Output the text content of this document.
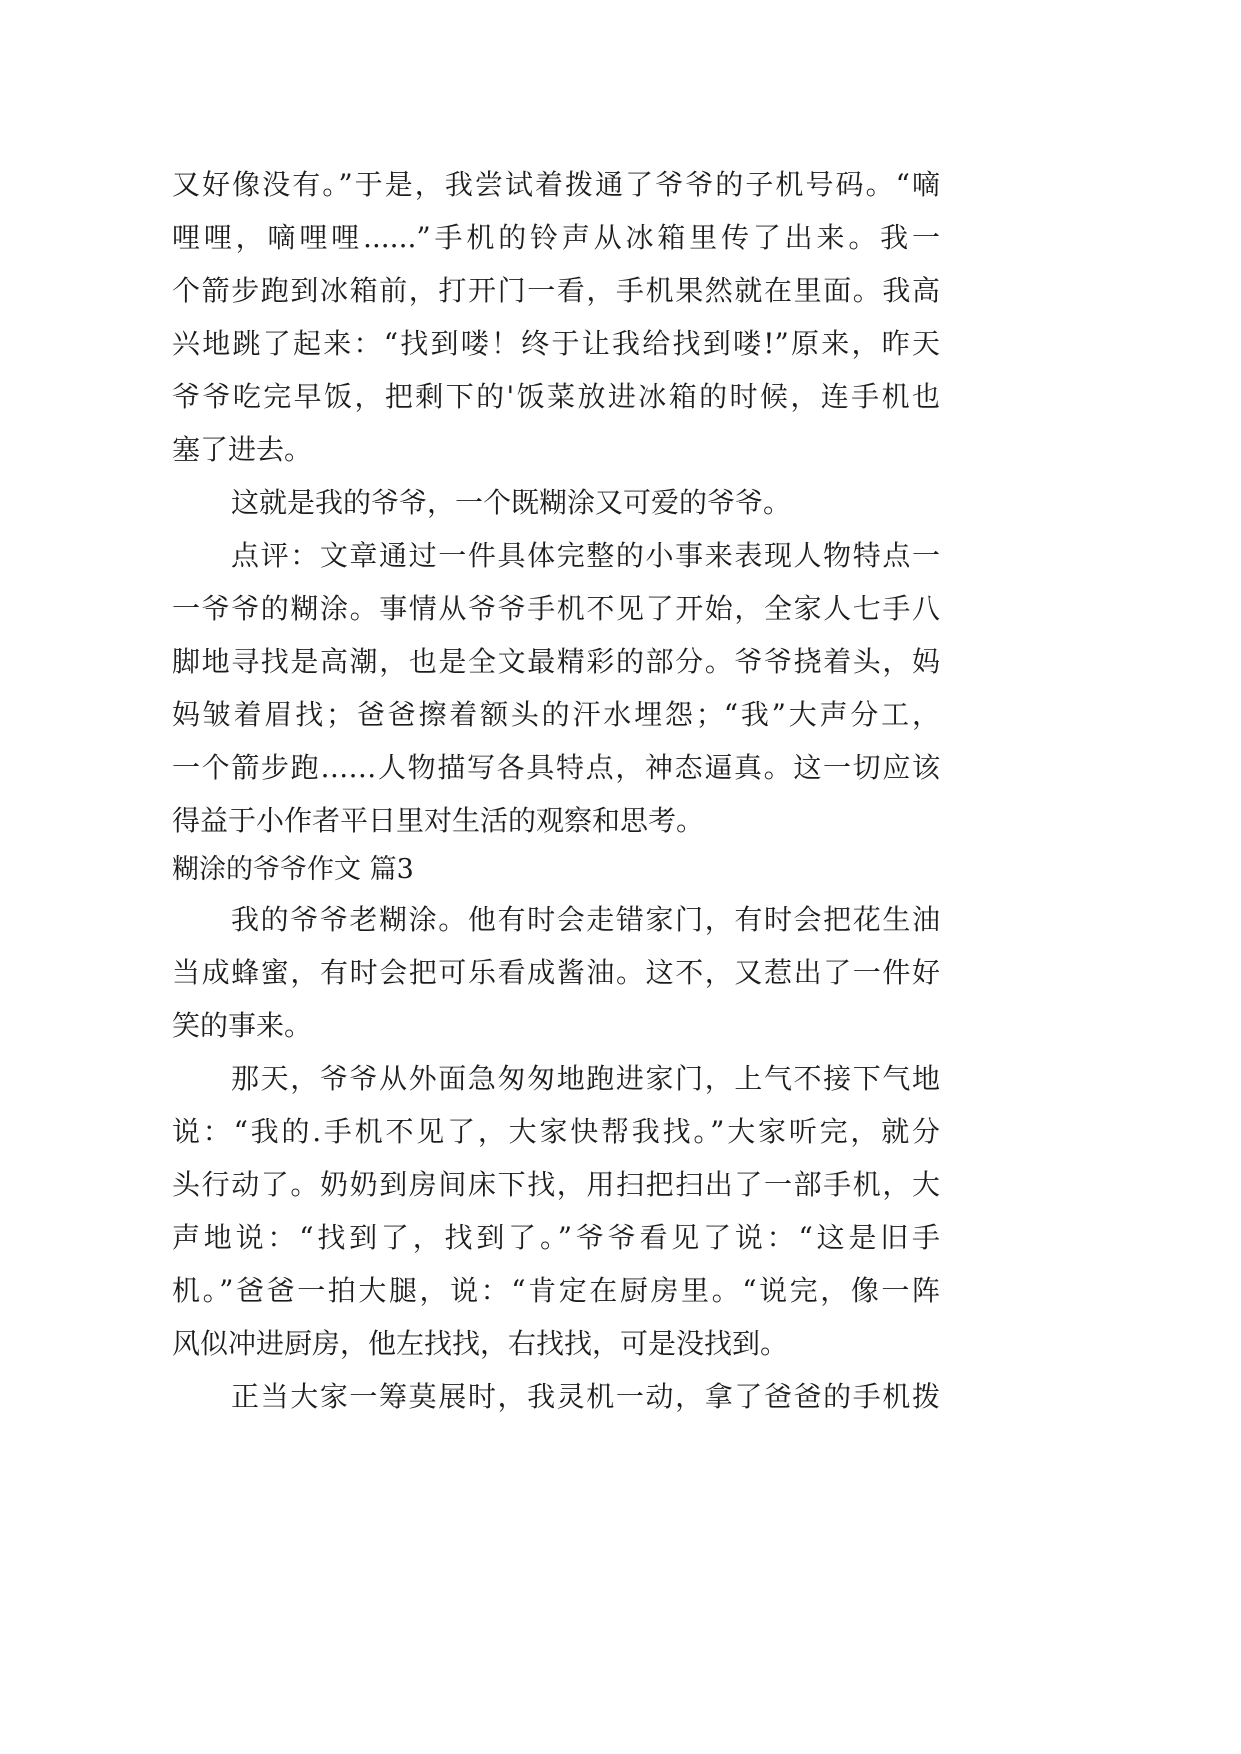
又好像没有。”于是，我尝试着拨通了爷爷的子机号码。“嘀
哩哩，嘀哩哩......”手机的铃声从冰箱里传了出来。我一
个箭步跑到冰箱前，打开门一看，手机果然就在里面。我高
兴地跳了起来：“找到喽！终于让我给找到喽!”原来，昨天
爷爷吃完早饭，把剩下的'饭菜放进冰箱的时候，连手机也
塞了进去。
这就是我的爷爷，一个既糊涂又可爱的爷爷。
点评：文章通过一件具体完整的小事来表现人物特点一
一爷爷的糊涂。事情从爷爷手机不见了开始，全家人七手八
脚地寻找是高潮，也是全文最精彩的部分。爷爷挠着头，妈
妈皱着眉找；爸爸擦着额头的汗水埋怨；“我”大声分工，
一个箭步跑……人物描写各具特点，神态逼真。这一切应该
得益于小作者平日里对生活的观察和思考。
糊涂的爷爷作文 篇3
我的爷爷老糊涂。他有时会走错家门，有时会把花生油
当成蜂蜜，有时会把可乐看成酱油。这不，又惹出了一件好
笑的事来。
那天，爷爷从外面急匆匆地跑进家门，上气不接下气地
说：“我的.手机不见了，大家快帮我找。”大家听完，就分
头行动了。奶奶到房间床下找，用扫把扫出了一部手机，大
声地说：“找到了，找到了。”爷爷看见了说：“这是旧手
机。”爸爸一拍大腿，说：“肯定在厨房里。“说完，像一阵
风似冲进厨房，他左找找，右找找，可是没找到。
正当大家一筹莫展时，我灵机一动，拿了爸爸的手机拨
